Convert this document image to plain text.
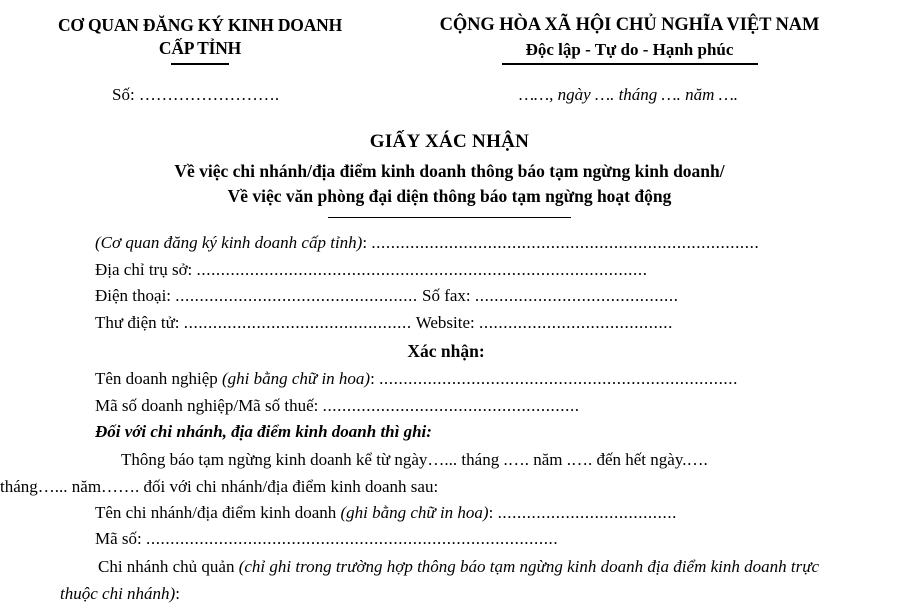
CƠ QUAN ĐĂNG KÝ KINH DOANH
CẤP TỈNH
CỘNG HÒA XÃ HỘI CHỦ NGHĨA VIỆT NAM
Độc lập - Tự do - Hạnh phúc
Số: …………………….	……, ngày …. tháng …. năm ….
GIẤY XÁC NHẬN
Về việc chi nhánh/địa điểm kinh doanh thông báo tạm ngừng kinh doanh/
Về việc văn phòng đại diện thông báo tạm ngừng hoạt động
(Cơ quan đăng ký kinh doanh cấp tỉnh): ................................................................................
Địa chỉ trụ sở: .............................................................................................
Điện thoại: .................................................. Số fax: ..........................................
Thư điện tử: ............................................... Website: ........................................
Xác nhận:
Tên doanh nghiệp (ghi bằng chữ in hoa): ..........................................................................
Mã số doanh nghiệp/Mã số thuế: .....................................................
Đối với chi nhánh, địa điểm kinh doanh thì ghi:
Thông báo tạm ngừng kinh doanh kể từ ngày…... tháng .…. năm .…. đến hết ngày.….
tháng…... năm……. đối với chi nhánh/địa điểm kinh doanh sau:
Tên chi nhánh/địa điểm kinh doanh (ghi bằng chữ in hoa): .....................................
Mã số: .....................................................................................
Chi nhánh chủ quản (chỉ ghi trong trường hợp thông báo tạm ngừng kinh doanh địa điểm kinh doanh trực thuộc chi nhánh):
